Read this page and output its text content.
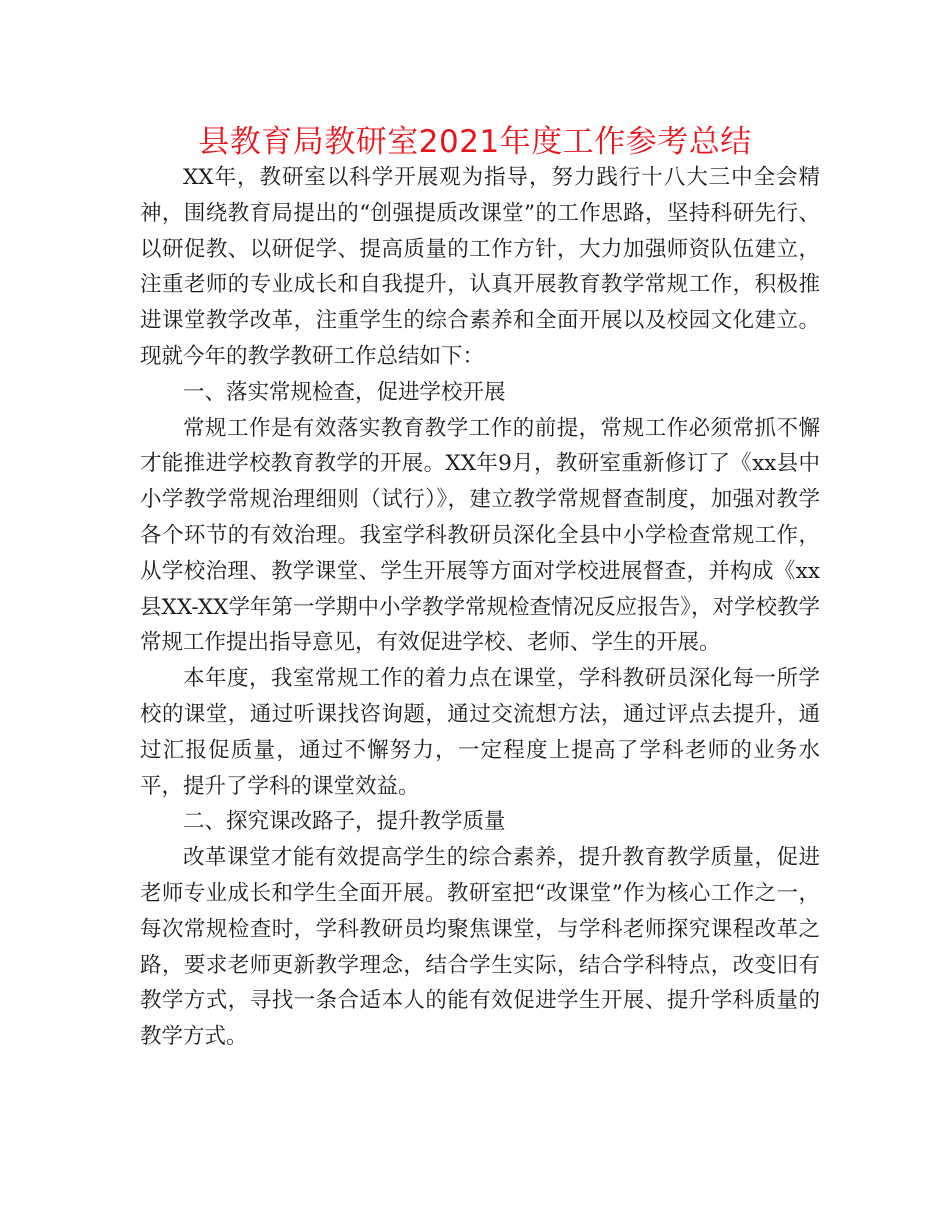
县教育局教研室2021年度工作参考总结

XX年，教研室以科学开展观为指导，努力践行十八大三中全会精神，围绕教育局提出的“创强提质改课堂”的工作思路，坚持科研先行、以研促教、以研促学、提高质量的工作方针，大力加强师资队伍建立，注重老师的专业成长和自我提升，认真开展教育教学常规工作，积极推进课堂教学改革，注重学生的综合素养和全面开展以及校园文化建立。现就今年的教学教研工作总结如下：

一、落实常规检查，促进学校开展

常规工作是有效落实教育教学工作的前提，常规工作必须常抓不懈才能推进学校教育教学的开展。XX年9月，教研室重新修订了《xx县中小学教学常规治理细则（试行）》，建立教学常规督查制度，加强对教学各个环节的有效治理。我室学科教研员深化全县中小学检查常规工作，从学校治理、教学课堂、学生开展等方面对学校进展督查，并构成《xx县XX-XX学年第一学期中小学教学常规检查情况反应报告》，对学校教学常规工作提出指导意见，有效促进学校、老师、学生的开展。

本年度，我室常规工作的着力点在课堂，学科教研员深化每一所学校的课堂，通过听课找咨询题，通过交流想方法，通过评点去提升，通过汇报促质量，通过不懈努力，一定程度上提高了学科老师的业务水平，提升了学科的课堂效益。

二、探究课改路子，提升教学质量

改革课堂才能有效提高学生的综合素养，提升教育教学质量，促进老师专业成长和学生全面开展。教研室把“改课堂”作为核心工作之一，每次常规检查时，学科教研员均聚焦课堂，与学科老师探究课程改革之路，要求老师更新教学理念，结合学生实际，结合学科特点，改变旧有教学方式，寻找一条合适本人的能有效促进学生开展、提升学科质量的教学方式。
